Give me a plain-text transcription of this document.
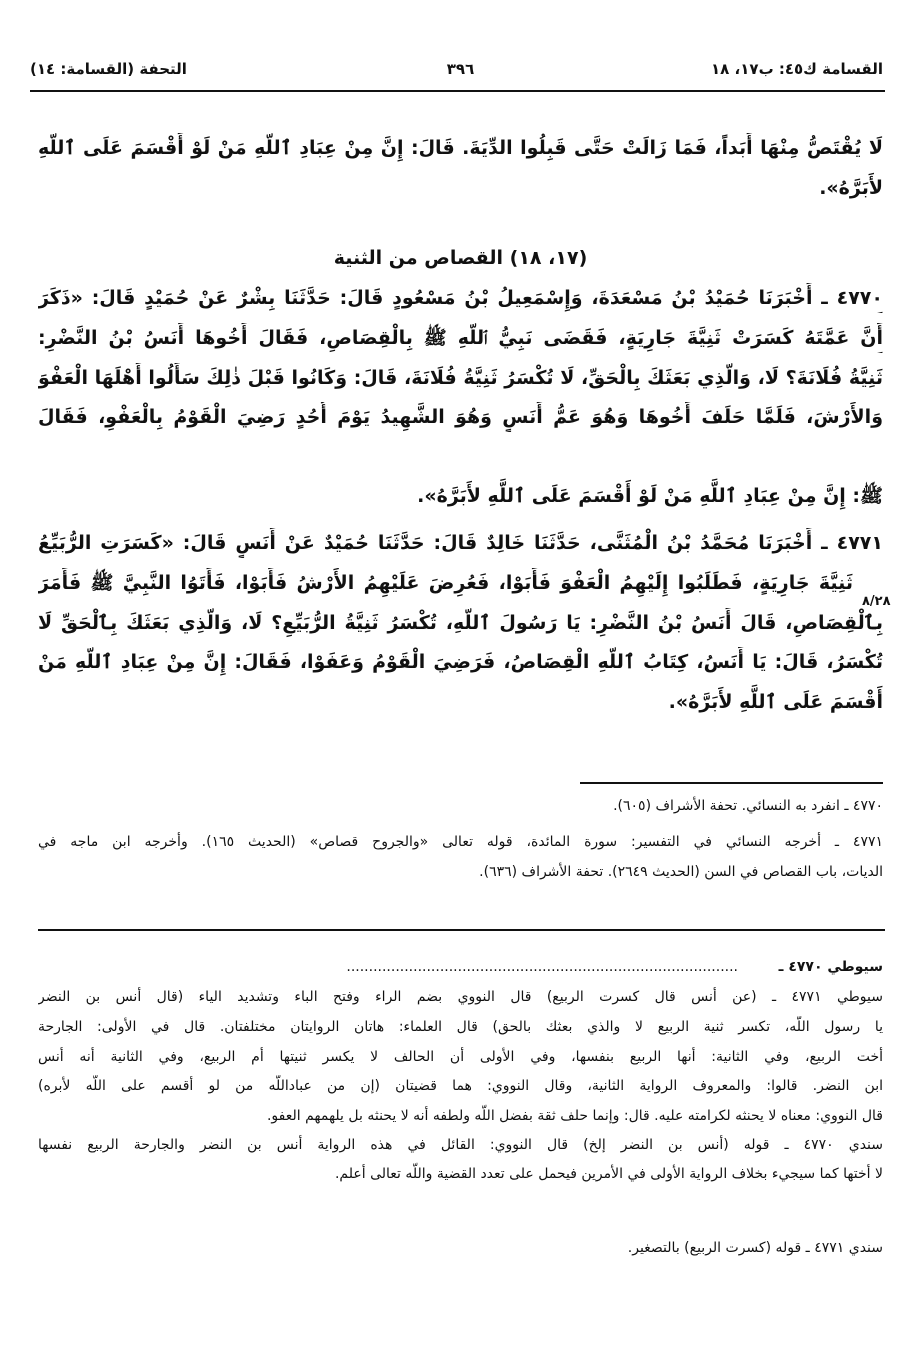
القسامة ك٤٥: ب١٧، ١٨
٣٩٦
التحفة (القسامة: ١٤)
لَا يُقْتَصُّ مِنْهَا أَبَداً، فَمَا زَالَتْ حَتَّى قَبِلُوا الدِّيَةَ. قَالَ: إِنَّ مِنْ عِبَادِ ٱللَّهِ مَنْ لَوْ أَقْسَمَ عَلَى ٱللَّهِ
لأَبَرَّهُ».
(١٧، ١٨) القصاص من الثنية
٤٧٧٠ ـ أَخْبَرَنَا حُمَيْدُ بْنُ مَسْعَدَةَ، وَإِسْمَعِيلُ بْنُ مَسْعُودٍ قَالَ: حَدَّثَنَا بِشْرٌ عَنْ حُمَيْدٍ قَالَ: «ذَكَرَ
أَنَّ عَمَّتَهُ كَسَرَتْ ثَنِيَّةَ جَارِيَةٍ، فَقَضَى نَبِيُّ ٱللَّهِ ﷺ بِالْقِصَاصِ، فَقَالَ أَخُوهَا أَنَسُ بْنُ النَّضْرِ:
ثَنِيَّةُ فُلَانَةَ؟ لَا، وَالَّذِي بَعَثَكَ بِالْحَقِّ، لَا تُكْسَرُ ثَنِيَّةُ فُلَانَةَ، قَالَ: وَكَانُوا قَبْلَ ذٰلِكَ سَأَلُوا أَهْلَهَا الْعَفْوَ
وَالأَرْشَ، فَلَمَّا حَلَفَ أَخُوهَا وَهُوَ عَمُّ أَنَسٍ وَهُوَ الشَّهِيدُ يَوْمَ أُحُدٍ رَضِيَ الْقَوْمُ بِالْعَفْوِ، فَقَالَ
ﷺ: إِنَّ مِنْ عِبَادِ ٱللَّهِ مَنْ لَوْ أَقْسَمَ عَلَى ٱللَّهِ لأَبَرَّهُ».
٤٧٧١ ـ أَخْبَرَنَا مُحَمَّدُ بْنُ الْمُثَنَّى، حَدَّثَنَا خَالِدٌ قَالَ: حَدَّثَنَا حُمَيْدٌ عَنْ أَنَسٍ قَالَ: «كَسَرَتِ الرُّبَيِّعُ
ثَنِيَّةَ جَارِيَةٍ، فَطَلَبُوا إِلَيْهِمُ الْعَفْوَ فَأَبَوْا، فَعُرِضَ عَلَيْهِمُ الأَرْشُ فَأَبَوْا، فَأَتَوُا النَّبِيَّ ﷺ فَأَمَرَ
٨/٢٨
بِٱلْقِصَاصِ، قَالَ أَنَسُ بْنُ النَّضْرِ: يَا رَسُولَ ٱللَّهِ، تُكْسَرُ ثَنِيَّةُ الرُّبَيِّعِ؟ لَا، وَالَّذِي بَعَثَكَ بِٱلْحَقِّ لَا
تُكْسَرُ، قَالَ: يَا أَنَسُ، كِتَابُ ٱللَّهِ الْقِصَاصُ، فَرَضِيَ الْقَوْمُ وَعَفَوْا، فَقَالَ: إِنَّ مِنْ عِبَادِ ٱللَّهِ مَنْ
أَقْسَمَ عَلَى ٱللَّهِ لأَبَرَّهُ».
٤٧٧٠ ـ انفرد به النسائي. تحفة الأشراف (٦٠٥).
٤٧٧١ ـ أخرجه النسائي في التفسير: سورة المائدة، قوله تعالى «والجروح قصاص» (الحديث ١٦٥). وأخرجه ابن ماجه في
الديات، باب القصاص في السن (الحديث ٢٦٤٩). تحفة الأشراف (٦٣٦).
سيوطي ٤٧٧٠ ـ
........................................................................................
سيوطي ٤٧٧١ ـ (عن أنس قال كسرت الربيع) قال النووي بضم الراء وفتح الباء وتشديد الياء (قال أنس بن النضر
يا رسول اللّه، تكسر ثنية الربيع لا والذي بعثك بالحق) قال العلماء: هاتان الروايتان مختلفتان. قال في الأولى: الجارحة
أخت الربيع، وفي الثانية: أنها الربيع بنفسها، وفي الأولى أن الحالف لا يكسر ثنيتها أم الربيع، وفي الثانية أنه أنس
ابن النضر. قالوا: والمعروف الرواية الثانية، وقال النووي: هما قضيتان (إن من عباداللّه من لو أقسم على اللّه لأبره)
قال النووي: معناه لا يحنثه لكرامته عليه. قال: وإنما حلف ثقة بفضل اللّه ولطفه أنه لا يحنثه بل يلهمهم العفو.
سندي ٤٧٧٠ ـ قوله (أنس بن النضر إلخ) قال النووي: القائل في هذه الرواية أنس بن النضر والجارحة الربيع نفسها
لا أختها كما سيجيء بخلاف الرواية الأولى في الأمرين فيحمل على تعدد القضية واللّه تعالى أعلم.
سندي ٤٧٧١ ـ قوله (كسرت الربيع) بالتصغير.
